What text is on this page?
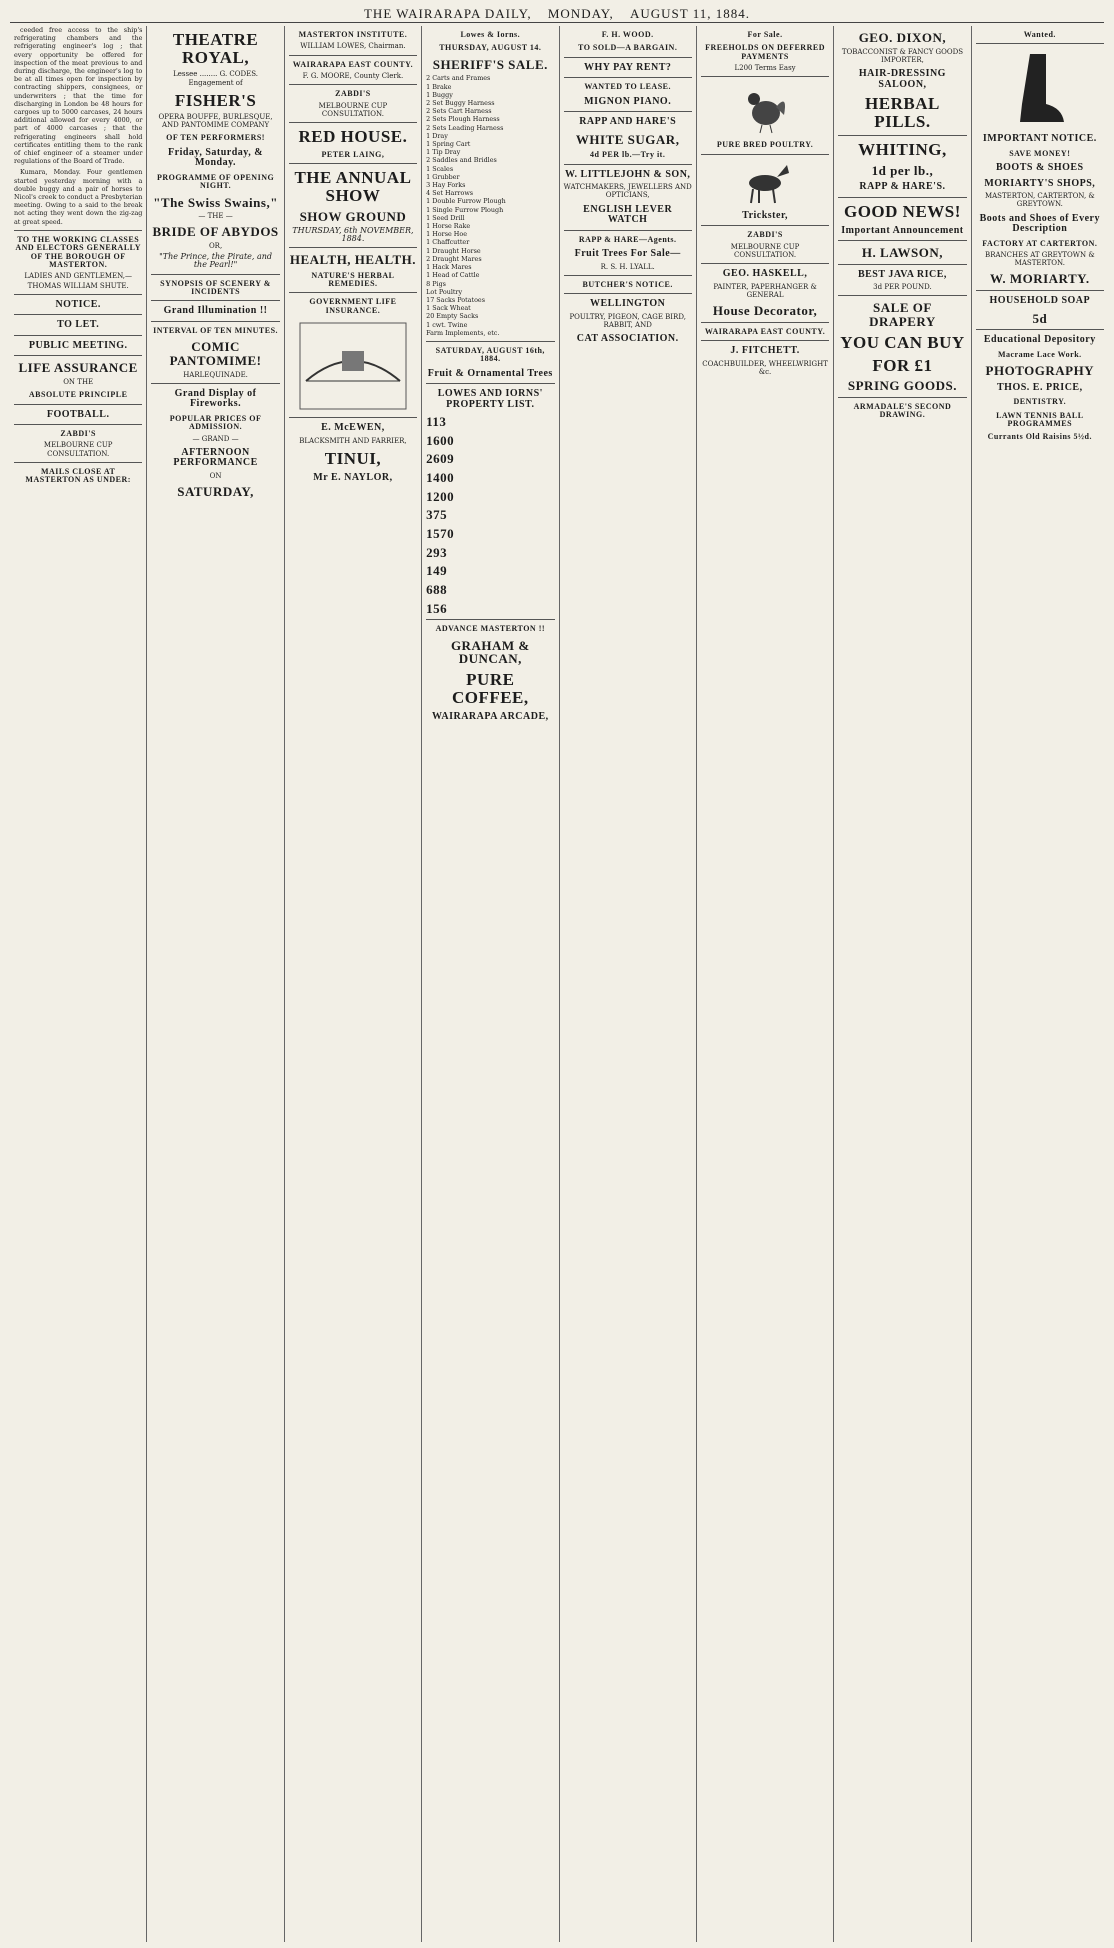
THE WAIRARAPA DAILY, MONDAY, AUGUST 11, 1884.

ceeded free access to the ship's refrigerating chambers and the refrigerating engineer's log ; that every opportunity be offered for inspection of the meat previous to and during discharge, the engineer's log to be at all times open for inspection by contracting shippers, consignees, or underwriters ; that the time for discharging in London be 48 hours for cargoes up to 5000 carcases, 24 hours additional allowed for every 4000, or part of 4000 carcases ; that the refrigerating engineers shall hold certificates entitling them to the rank of chief engineer of a steamer under regulations of the Board of Trade.

Kumara, Monday. Four gentlemen started yesterday morning with a double buggy and a pair of horses to Nicol's creek to conduct a Presbyterian meeting. Owing to a said to the break not acting they went down the zig-zag at great speed.

TO THE WORKING CLASSES AND ELECTORS GENERALLY OF THE BOROUGH OF MASTERTON.
LADIES AND GENTLEMEN,—
THOMAS WILLIAM SHUTE.
NOTICE.
TO LET.
PUBLIC MEETING.
LIFE ASSURANCE
ON THE
ABSOLUTE PRINCIPLE
FOOTBALL.
ZABDI'S
MELBOURNE CUP CONSULTATION.
MAILS CLOSE AT MASTERTON AS UNDER:
THEATRE ROYAL,
Lessee ........ G. CODES.
Engagement of
FISHER'S
OPERA BOUFFE, BURLESQUE, AND PANTOMIME COMPANY
OF TEN PERFORMERS!
Friday, Saturday, & Monday.
PROGRAMME OF OPENING NIGHT.
"The Swiss Swains,"
— THE —
BRIDE OF ABYDOS
OR,
"The Prince, the Pirate, and the Pearl!"
SYNOPSIS OF SCENERY & INCIDENTS
Grand Illumination !!
INTERVAL OF TEN MINUTES.
COMIC PANTOMIME!
HARLEQUINADE.
Grand Display of Fireworks.
POPULAR PRICES OF ADMISSION.
— GRAND —
AFTERNOON PERFORMANCE
ON
SATURDAY,
MASTERTON INSTITUTE.
WILLIAM LOWES, Chairman.
WAIRARAPA EAST COUNTY.
F. G. MOORE, County Clerk.
ZABDI'S
MELBOURNE CUP CONSULTATION.
RED HOUSE.
PETER LAING,
THE ANNUAL SHOW
SHOW GROUND
THURSDAY, 6th NOVEMBER, 1884.
HEALTH, HEALTH.
NATURE'S HERBAL REMEDIES.
GOVERNMENT LIFE INSURANCE.
E. McEWEN,
BLACKSMITH AND FARRIER,
TINUI,
Mr E. NAYLOR,
Lowes & Iorns.
THURSDAY, AUGUST 14.
SHERIFF'S SALE.
2 Carts and Frames
1 Brake
1 Buggy
2 Set Buggy Harness
2 Sets Cart Harness
2 Sets Plough Harness
2 Sets Leading Harness
1 Dray
1 Spring Cart
1 Tip Dray
2 Saddles and Bridles
1 Scales
1 Grubber
3 Hay Forks
4 Set Harrows
1 Double Furrow Plough
1 Single Furrow Plough
1 Seed Drill
1 Horse Rake
1 Horse Hoe
1 Chaffcutter
1 Draught Horse
2 Draught Mares
1 Hack Mares
1 Head of Cattle
8 Pigs
Lot Poultry
17 Sacks Potatoes
1 Sack Wheat
20 Empty Sacks
1 cwt. Twine
Farm Implements, etc.
SATURDAY, AUGUST 16th, 1884.
Fruit & Ornamental Trees
LOWES AND IORNS' PROPERTY LIST.
113
1600
2609
1400
1200
375
1570
293
149
688
156
ADVANCE MASTERTON !!
GRAHAM & DUNCAN,
PURE COFFEE,
WAIRARAPA ARCADE,
F. H. WOOD.
TO SOLD—A BARGAIN.
WHY PAY RENT?
WANTED TO LEASE.
MIGNON PIANO.
RAPP AND HARE'S
WHITE SUGAR,
4d PER lb.—Try it.
W. LITTLEJOHN & SON,
WATCHMAKERS, JEWELLERS AND OPTICIANS,
ENGLISH LEVER WATCH
RAPP & HARE—Agents.
Fruit Trees For Sale—
R. S. H. LYALL.
BUTCHER'S NOTICE.
WELLINGTON
POULTRY, PIGEON, CAGE BIRD, RABBIT, AND
CAT ASSOCIATION.
For Sale.
FREEHOLDS ON DEFERRED PAYMENTS
L200 Terms Easy
PURE BRED POULTRY.
Trickster,
ZABDI'S
MELBOURNE CUP CONSULTATION.
GEO. HASKELL,
PAINTER, PAPERHANGER & GENERAL
House Decorator,
WAIRARAPA EAST COUNTY.
J. FITCHETT.
COACHBUILDER, WHEELWRIGHT &c.
GEO. DIXON,
TOBACCONIST & FANCY GOODS IMPORTER,
HAIR-DRESSING SALOON,
HERBAL PILLS.
WHITING,
1d per lb.,
RAPP & HARE'S.
GOOD NEWS!
Important Announcement
H. LAWSON,
BEST JAVA RICE,
3d PER POUND.
SALE OF DRAPERY
YOU CAN BUY
FOR £1
SPRING GOODS.
ARMADALE'S SECOND DRAWING.
Wanted.
IMPORTANT NOTICE.
SAVE MONEY!
BOOTS & SHOES
MORIARTY'S SHOPS,
MASTERTON, CARTERTON, & GREYTOWN.
Boots and Shoes of Every Description
FACTORY AT CARTERTON.
BRANCHES AT GREYTOWN & MASTERTON.
W. MORIARTY.
HOUSEHOLD SOAP
5d
Educational Depository
Macrame Lace Work.
PHOTOGRAPHY
THOS. E. PRICE,
DENTISTRY.
LAWN TENNIS BALL PROGRAMMES
Currants Old Raisins 5½d.
